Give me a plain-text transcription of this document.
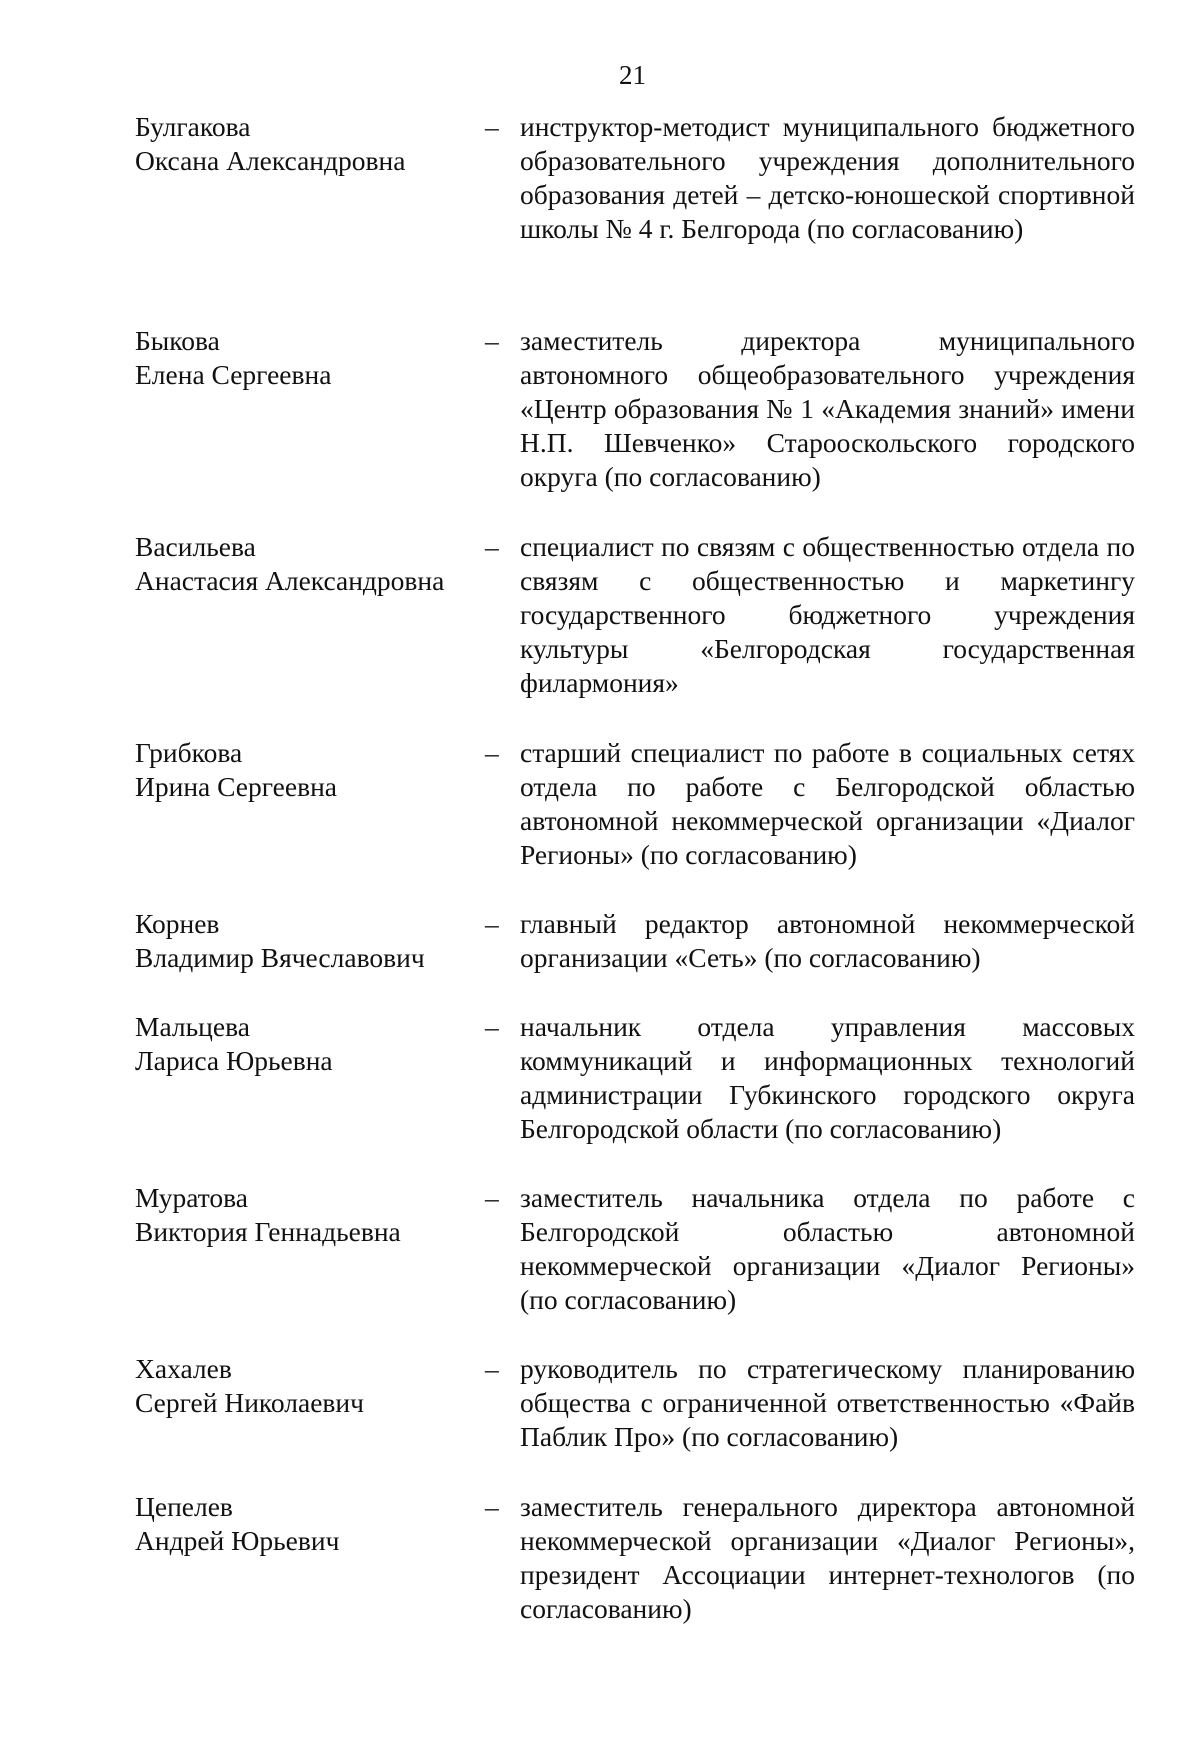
21
Булгакова
Оксана Александровна
– инструктор-методист муниципального бюджетного образовательного учреждения дополнительного образования детей – детско-юношеской спортивной школы № 4 г. Белгорода (по согласованию)
Быкова
Елена Сергеевна
– заместитель директора муниципального автономного общеобразовательного учреждения «Центр образования № 1 «Академия знаний» имени Н.П. Шевченко» Старооскольского городского округа (по согласованию)
Васильева
Анастасия Александровна
– специалист по связям с общественностью отдела по связям с общественностью и маркетингу государственного бюджетного учреждения культуры «Белгородская государственная филармония»
Грибкова
Ирина Сергеевна
– старший специалист по работе в социальных сетях отдела по работе с Белгородской областью автономной некоммерческой организации «Диалог Регионы» (по согласованию)
Корнев
Владимир Вячеславович
– главный редактор автономной некоммерческой организации «Сеть» (по согласованию)
Мальцева
Лариса Юрьевна
– начальник отдела управления массовых коммуникаций и информационных технологий администрации Губкинского городского округа Белгородской области (по согласованию)
Муратова
Виктория Геннадьевна
– заместитель начальника отдела по работе с Белгородской областью автономной некоммерческой организации «Диалог Регионы» (по согласованию)
Хахалев
Сергей Николаевич
– руководитель по стратегическому планированию общества с ограниченной ответственностью «Файв Паблик Про» (по согласованию)
Цепелев
Андрей Юрьевич
– заместитель генерального директора автономной некоммерческой организации «Диалог Регионы», президент Ассоциации интернет-технологов (по согласованию)
